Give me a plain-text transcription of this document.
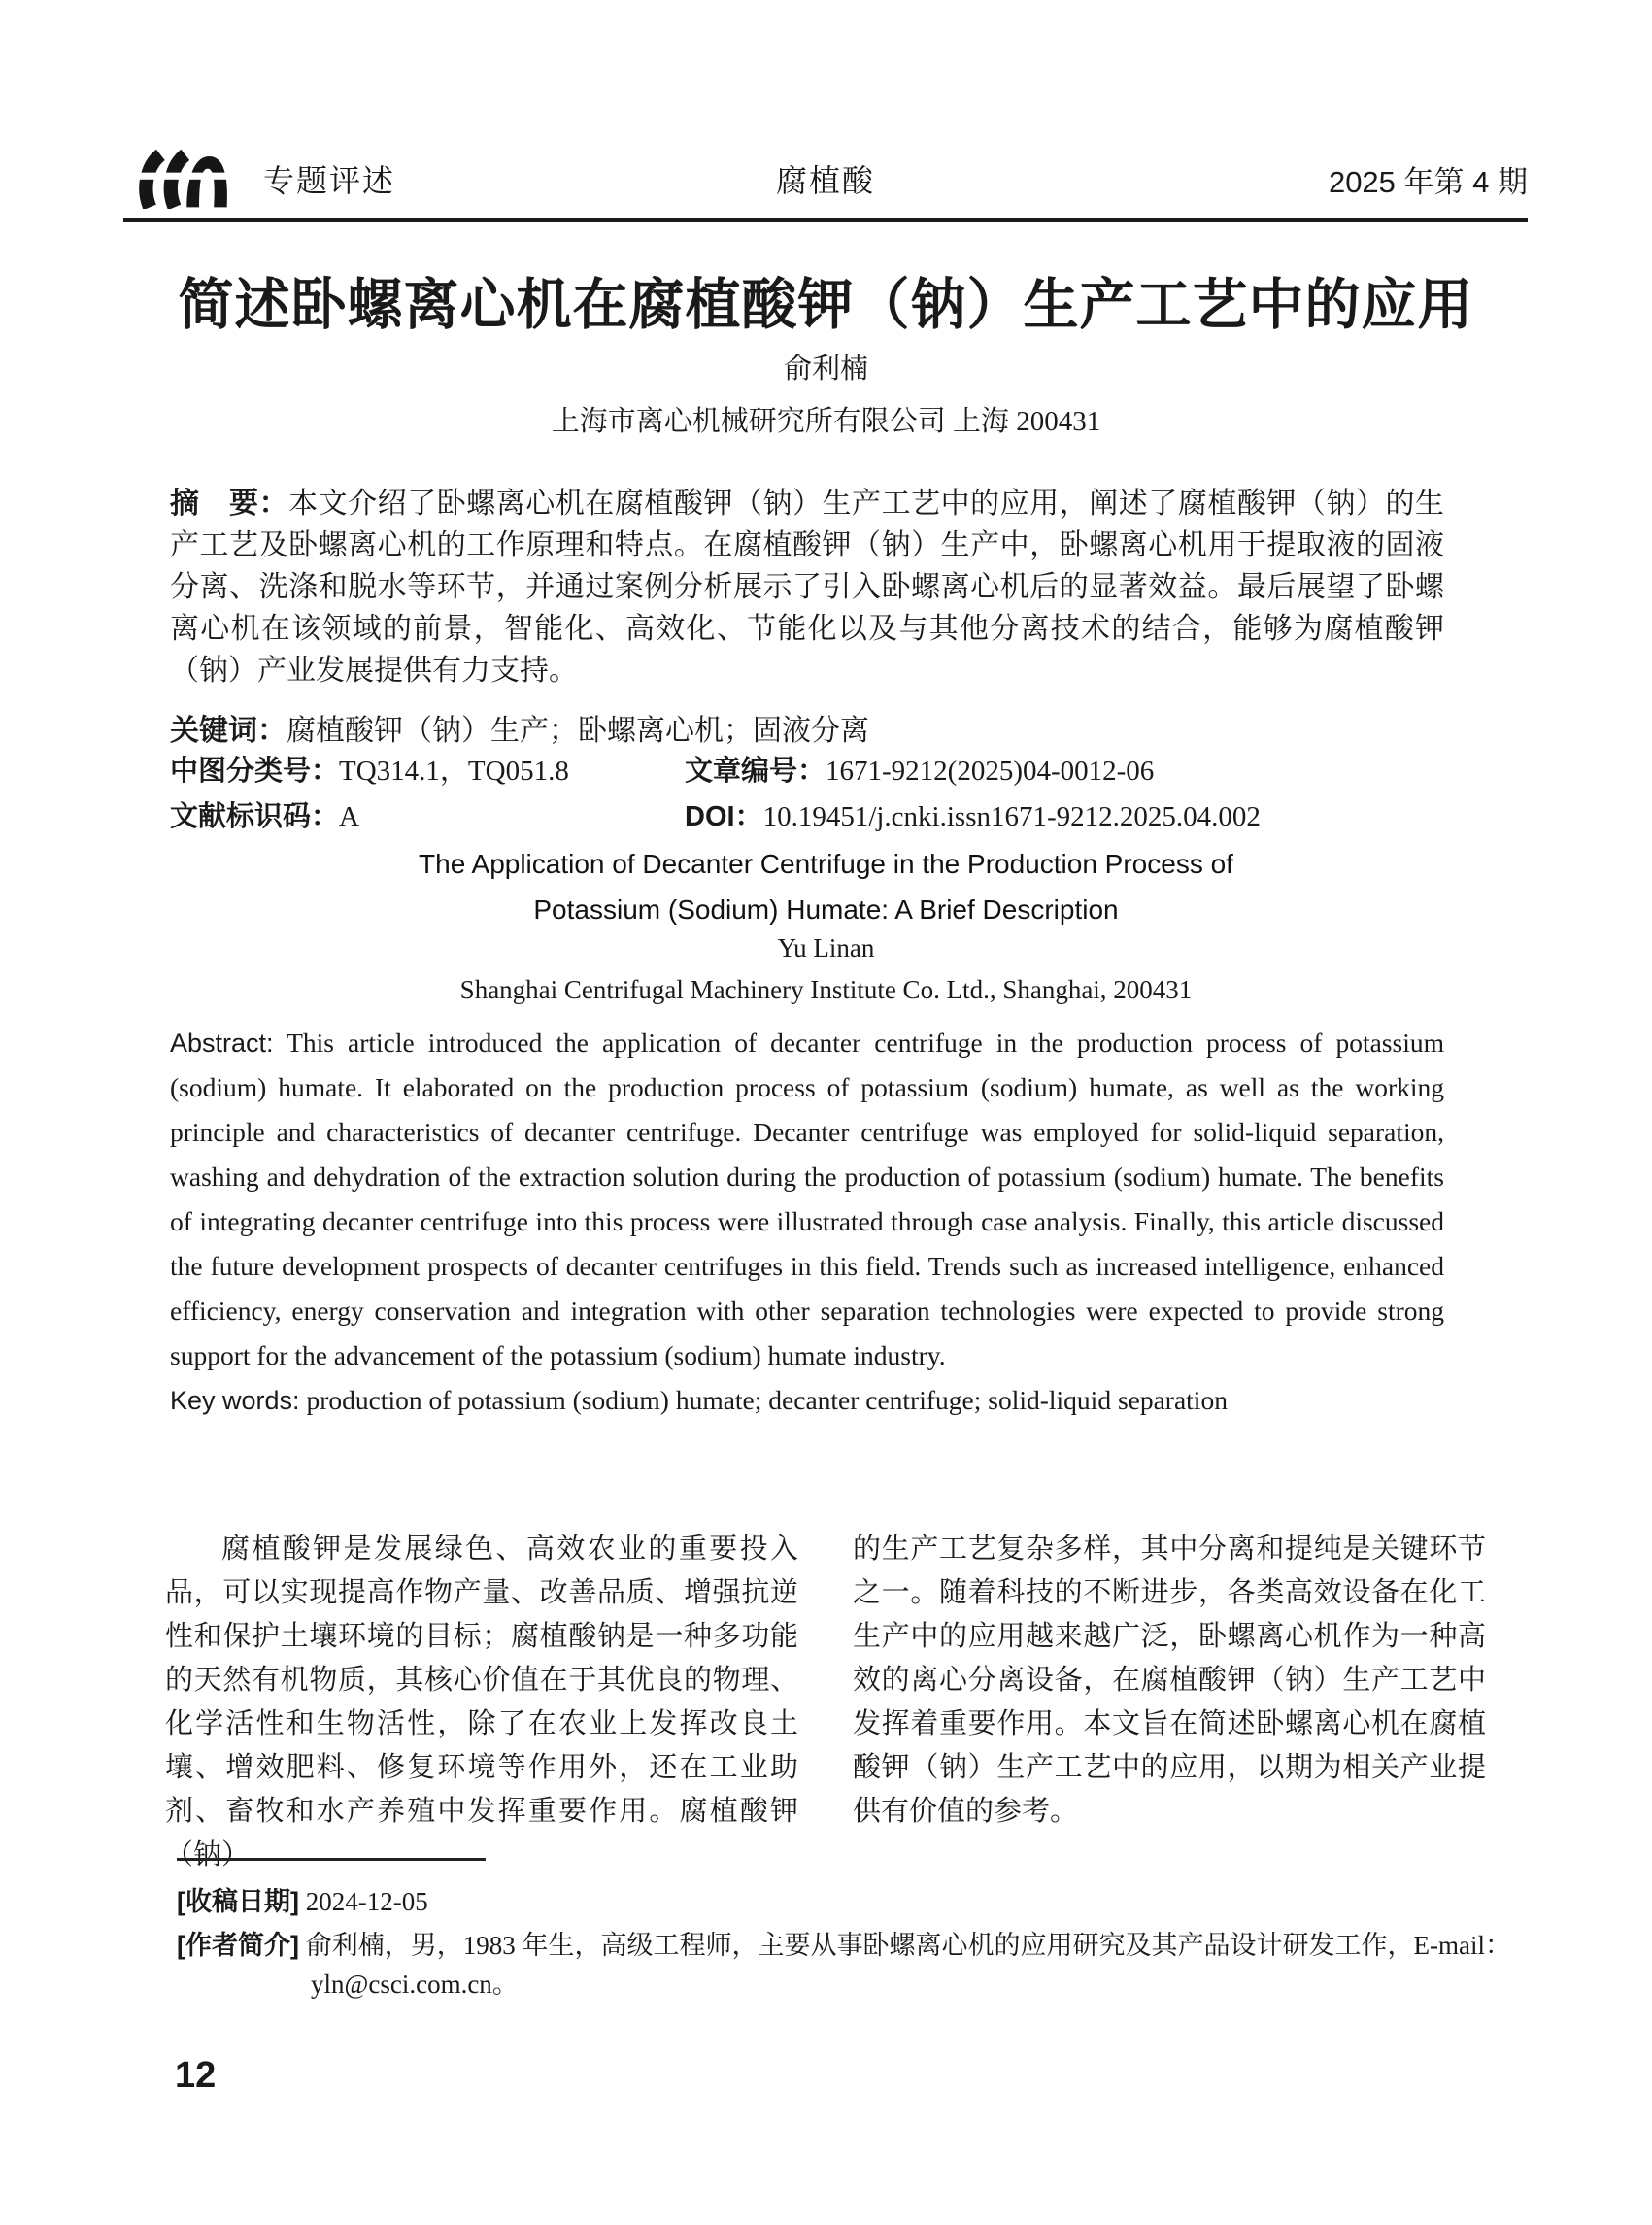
专题评述	腐植酸	2025 年第 4 期
简述卧螺离心机在腐植酸钾（钠）生产工艺中的应用
俞利楠
上海市离心机械研究所有限公司 上海 200431
摘　要：本文介绍了卧螺离心机在腐植酸钾（钠）生产工艺中的应用，阐述了腐植酸钾（钠）的生产工艺及卧螺离心机的工作原理和特点。在腐植酸钾（钠）生产中，卧螺离心机用于提取液的固液分离、洗涤和脱水等环节，并通过案例分析展示了引入卧螺离心机后的显著效益。最后展望了卧螺离心机在该领域的前景，智能化、高效化、节能化以及与其他分离技术的结合，能够为腐植酸钾（钠）产业发展提供有力支持。
关键词：腐植酸钾（钠）生产；卧螺离心机；固液分离
中图分类号：TQ314.1，TQ051.8	文章编号：1671-9212(2025)04-0012-06
文献标识码：A	DOI：10.19451/j.cnki.issn1671-9212.2025.04.002
The Application of Decanter Centrifuge in the Production Process of
Potassium (Sodium) Humate: A Brief Description
Yu Linan
Shanghai Centrifugal Machinery Institute Co. Ltd., Shanghai, 200431

Abstract: This article introduced the application of decanter centrifuge in the production process of potassium (sodium) humate. It elaborated on the production process of potassium (sodium) humate, as well as the working principle and characteristics of decanter centrifuge. Decanter centrifuge was employed for solid-liquid separation, washing and dehydration of the extraction solution during the production of potassium (sodium) humate. The benefits of integrating decanter centrifuge into this process were illustrated through case analysis. Finally, this article discussed the future development prospects of decanter centrifuges in this field. Trends such as increased intelligence, enhanced efficiency, energy conservation and integration with other separation technologies were expected to provide strong support for the advancement of the potassium (sodium) humate industry.

Key words: production of potassium (sodium) humate; decanter centrifuge; solid-liquid separation

腐植酸钾是发展绿色、高效农业的重要投入品，可以实现提高作物产量、改善品质、增强抗逆性和保护土壤环境的目标；腐植酸钠是一种多功能的天然有机物质，其核心价值在于其优良的物理、化学活性和生物活性，除了在农业上发挥改良土壤、增效肥料、修复环境等作用外，还在工业助剂、畜牧和水产养殖中发挥重要作用。腐植酸钾（钠）

的生产工艺复杂多样，其中分离和提纯是关键环节之一。随着科技的不断进步，各类高效设备在化工生产中的应用越来越广泛，卧螺离心机作为一种高效的离心分离设备，在腐植酸钾（钠）生产工艺中发挥着重要作用。本文旨在简述卧螺离心机在腐植酸钾（钠）生产工艺中的应用，以期为相关产业提供有价值的参考。

[收稿日期] 2024-12-05

[作者简介] 俞利楠，男，1983 年生，高级工程师，主要从事卧螺离心机的应用研究及其产品设计研发工作，E-mail：yln@csci.com.cn。

12
